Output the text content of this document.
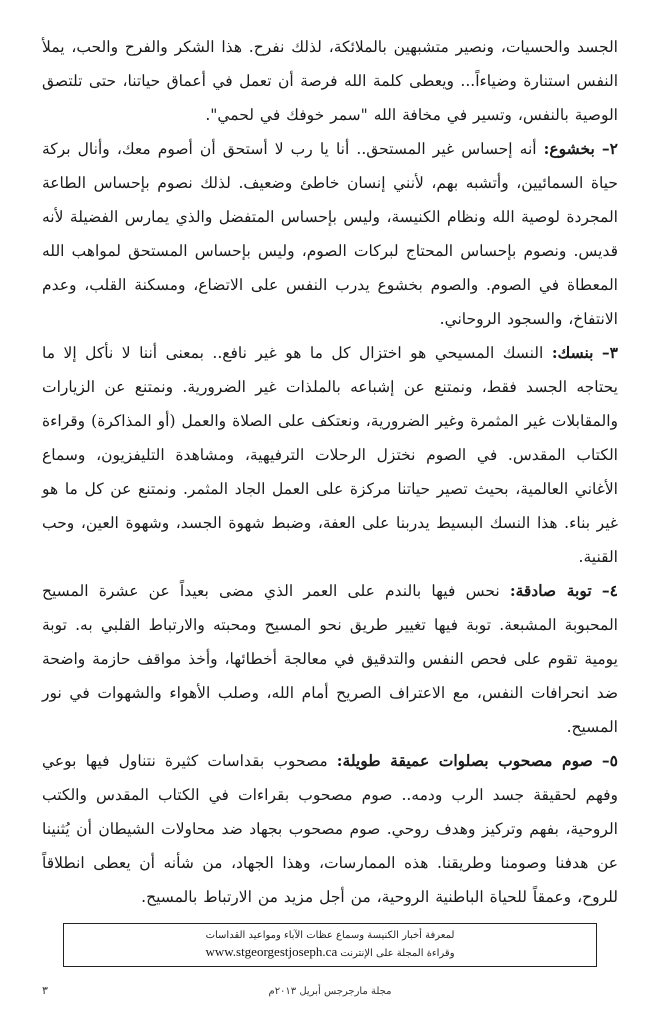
الجسد والحسيات، ونصير متشبهين بالملائكة، لذلك نفرح. هذا الشكر والفرح والحب، يملأ النفس استنارة وضياءاً... ويعطى كلمة الله فرصة أن تعمل في أعماق حياتنا، حتى تلتصق الوصية بالنفس، وتسير في مخافة الله "سمر خوفك في لحمي".

٢– بخشوع: أنه إحساس غير المستحق.. أنا يا رب لا أستحق أن أصوم معك، وأنال بركة حياة السمائيين، وأتشبه بهم، لأنني إنسان خاطئ وضعيف. لذلك نصوم بإحساس الطاعة المجردة لوصية الله ونظام الكنيسة، وليس بإحساس المتفضل والذي يمارس الفضيلة لأنه قديس. ونصوم بإحساس المحتاج لبركات الصوم، وليس بإحساس المستحق لمواهب الله المعطاة في الصوم. والصوم بخشوع يدرب النفس على الاتضاع، ومسكنة القلب، وعدم الانتفاخ، والسجود الروحاني.

٣– بنسك: النسك المسيحي هو اختزال كل ما هو غير نافع.. بمعنى أننا لا نأكل إلا ما يحتاجه الجسد فقط، ونمتنع عن إشباعه بالملذات غير الضرورية. ونمتنع عن الزيارات والمقابلات غير المثمرة وغير الضرورية، ونعتكف على الصلاة والعمل (أو المذاكرة) وقراءة الكتاب المقدس. في الصوم نختزل الرحلات الترفيهية، ومشاهدة التليفزيون، وسماع الأغاني العالمية، بحيث تصير حياتنا مركزة على العمل الجاد المثمر. ونمتنع عن كل ما هو غير بناء. هذا النسك البسيط يدربنا على العفة، وضبط شهوة الجسد، وشهوة العين، وحب القنية.

٤– توبة صادقة: نحس فيها بالندم على العمر الذي مضى بعيداً عن عشرة المسيح المحبوبة المشبعة. توبة فيها تغيير طريق نحو المسيح ومحبته والارتباط القلبي به. توبة يومية تقوم على فحص النفس والتدقيق في معالجة أخطائها، وأخذ مواقف حازمة واضحة ضد انحرافات النفس، مع الاعتراف الصريح أمام الله، وصلب الأهواء والشهوات في نور المسيح.

٥– صوم مصحوب بصلوات عميقة طويلة: مصحوب بقداسات كثيرة نتناول فيها بوعي وفهم لحقيقة جسد الرب ودمه.. صوم مصحوب بقراءات في الكتاب المقدس والكتب الروحية، بفهم وتركيز وهدف روحي. صوم مصحوب بجهاد ضد محاولات الشيطان أن يُثنينا عن هدفنا وصومنا وطريقنا. هذه الممارسات، وهذا الجهاد، من شأنه أن يعطى انطلاقاً للروح، وعمقاً للحياة الباطنية الروحية، من أجل مزيد من الارتباط بالمسيح.

لمعرفة أخبار الكنيسة وسماع عظات الآباء ومواعيد القداسات
وقراءة المجلة على الإنترنت www.stgeorgestjoseph.ca
مجلة مارجرجس أبريل ٢٠١٣م
٣
